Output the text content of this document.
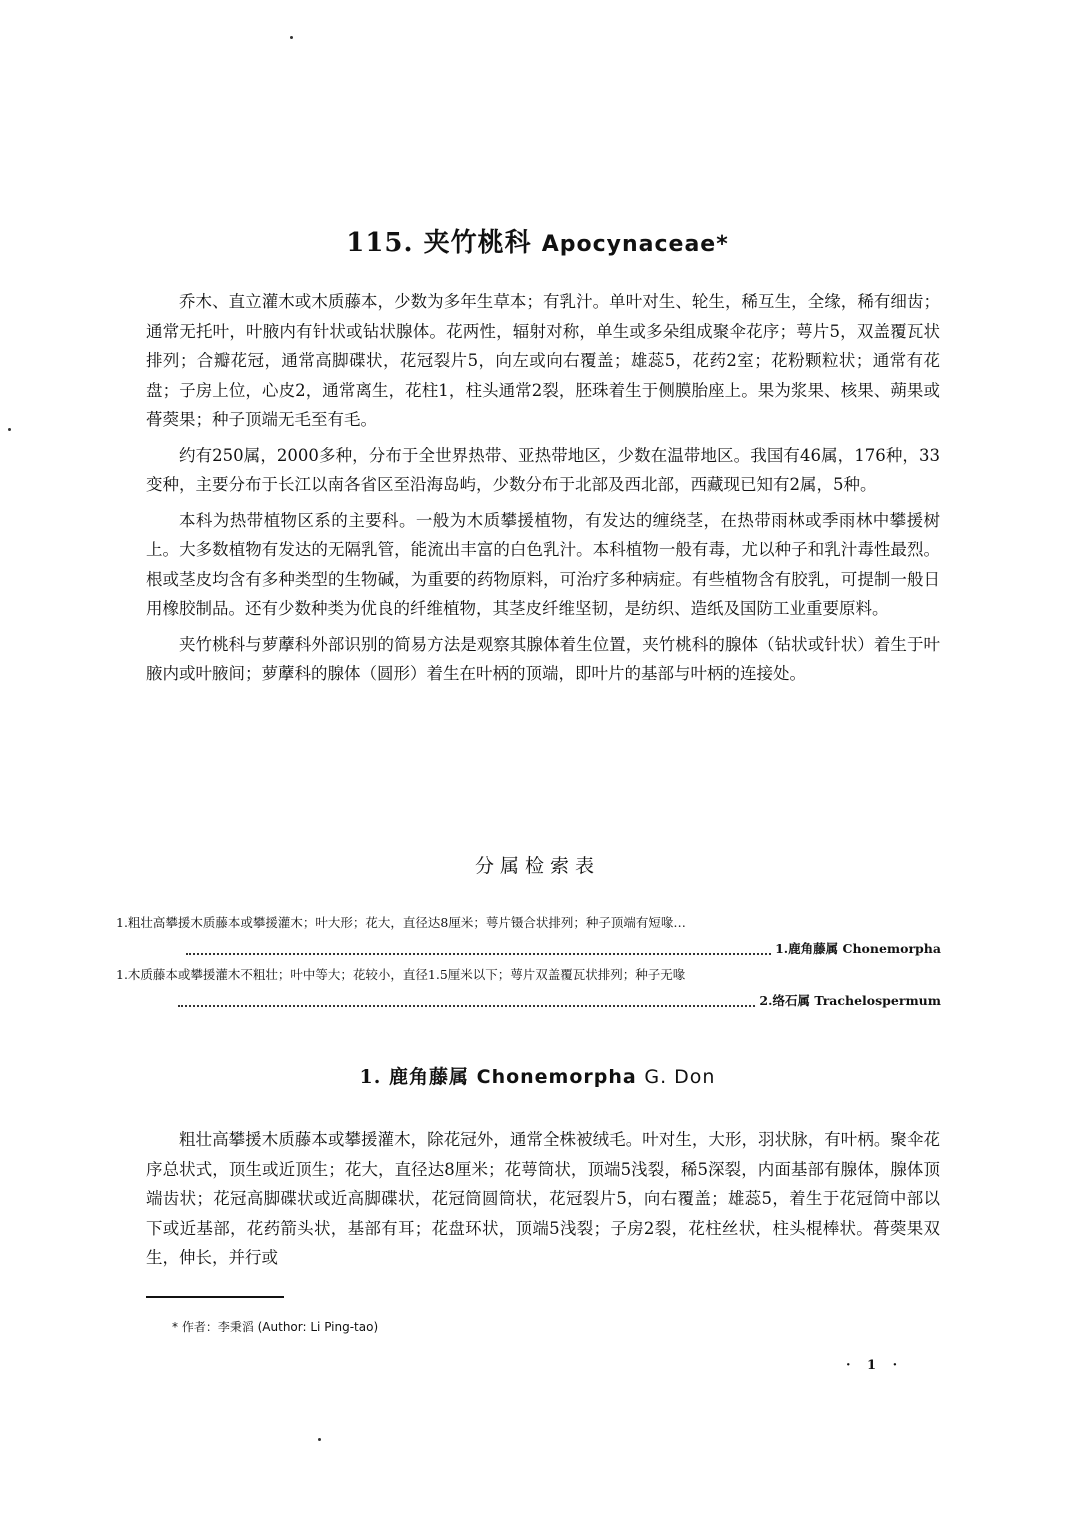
115. 夹竹桃科 Apocynaceae*

乔木、直立灌木或木质藤本，少数为多年生草本；有乳汁。单叶对生、轮生，稀互生，全缘，稀有细齿；通常无托叶，叶腋内有针状或钻状腺体。花两性，辐射对称，单生或多朵组成聚伞花序；萼片5，双盖覆瓦状排列；合瓣花冠，通常高脚碟状，花冠裂片5，向左或向右覆盖；雄蕊5，花药2室；花粉颗粒状；通常有花盘；子房上位，心皮2，通常离生，花柱1，柱头通常2裂，胚珠着生于侧膜胎座上。果为浆果、核果、蒴果或蓇葖果；种子顶端无毛至有毛。

约有250属，2000多种，分布于全世界热带、亚热带地区，少数在温带地区。我国有46属，176种，33变种，主要分布于长江以南各省区至沿海岛屿，少数分布于北部及西北部，西藏现已知有2属，5种。

本科为热带植物区系的主要科。一般为木质攀援植物，有发达的缠绕茎，在热带雨林或季雨林中攀援树上。大多数植物有发达的无隔乳管，能流出丰富的白色乳汁。本科植物一般有毒，尤以种子和乳汁毒性最烈。根或茎皮均含有多种类型的生物碱，为重要的药物原料，可治疗多种病症。有些植物含有胶乳，可提制一般日用橡胶制品。还有少数种类为优良的纤维植物，其茎皮纤维坚韧，是纺织、造纸及国防工业重要原料。

夹竹桃科与萝藦科外部识别的简易方法是观察其腺体着生位置，夹竹桃科的腺体（钻状或针状）着生于叶腋内或叶腋间；萝藦科的腺体（圆形）着生在叶柄的顶端，即叶片的基部与叶柄的连接处。

分属检索表
1.粗壮高攀援木质藤本或攀援灌木；叶大形；花大，直径达8厘米；萼片镊合状排列；种子顶端有短喙…
1.鹿角藤属 Chonemorpha
1.木质藤本或攀援灌木不粗壮；叶中等大；花较小，直径1.5厘米以下；萼片双盖覆瓦状排列；种子无喙
2.络石属 Trachelospermum
1. 鹿角藤属 Chonemorpha G. Don

粗壮高攀援木质藤本或攀援灌木，除花冠外，通常全株被绒毛。叶对生，大形，羽状脉，有叶柄。聚伞花序总状式，顶生或近顶生；花大，直径达8厘米；花萼筒状，顶端5浅裂，稀5深裂，内面基部有腺体，腺体顶端齿状；花冠高脚碟状或近高脚碟状，花冠筒圆筒状，花冠裂片5，向右覆盖；雄蕊5，着生于花冠筒中部以下或近基部，花药箭头状，基部有耳；花盘环状，顶端5浅裂；子房2裂，花柱丝状，柱头棍棒状。蓇葖果双生，伸长，并行或

* 作者：李秉滔 (Author: Li Ping-tao)
· 1 ·
